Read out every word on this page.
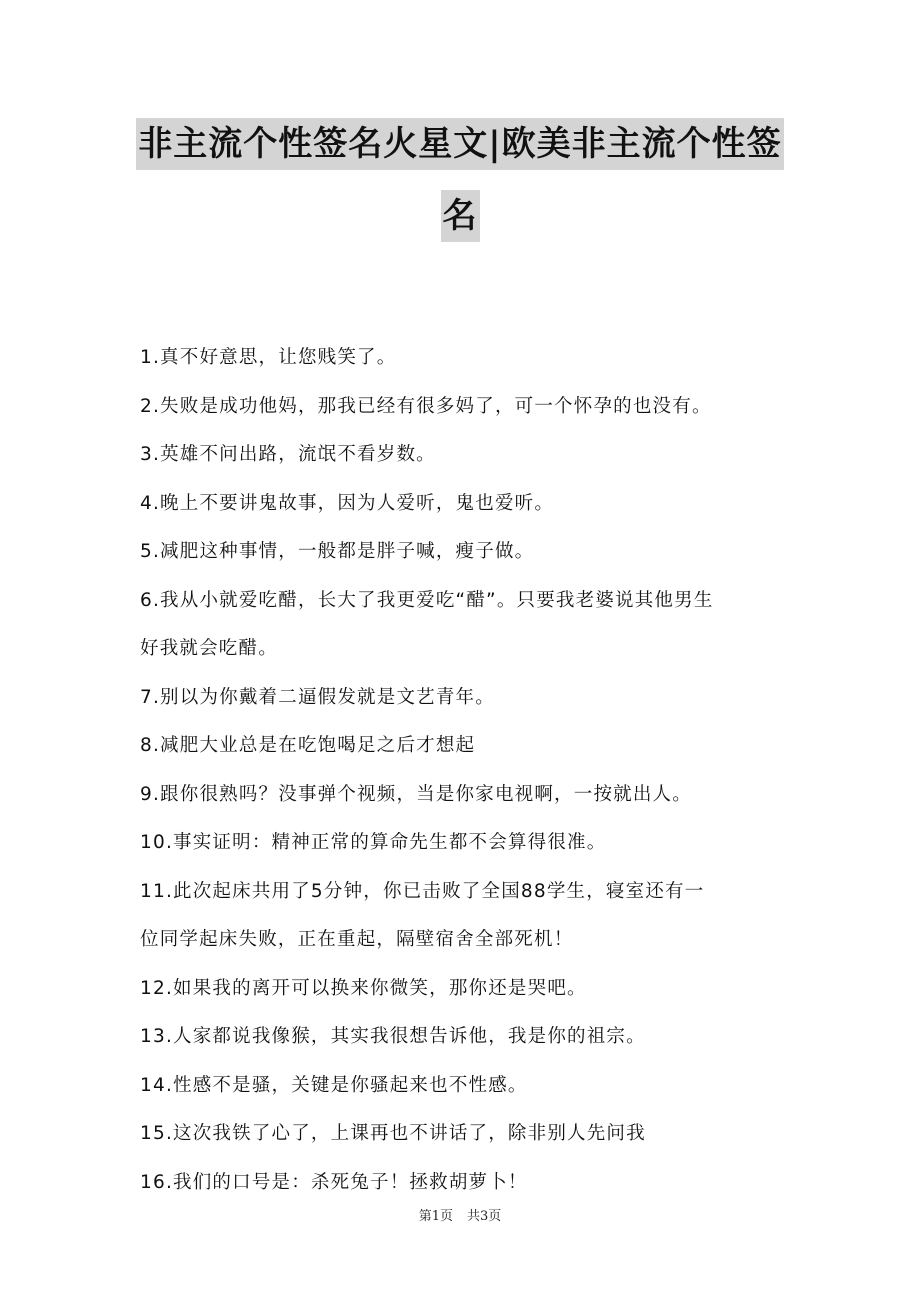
非主流个性签名火星文|欧美非主流个性签
名
1.真不好意思，让您贱笑了。
2.失败是成功他妈，那我已经有很多妈了，可一个怀孕的也没有。
3.英雄不问出路，流氓不看岁数。
4.晚上不要讲鬼故事，因为人爱听，鬼也爱听。
5.减肥这种事情，一般都是胖子喊，瘦子做。
6.我从小就爱吃醋，长大了我更爱吃“醋”。只要我老婆说其他男生
好我就会吃醋。
7.别以为你戴着二逼假发就是文艺青年。
8.减肥大业总是在吃饱喝足之后才想起
9.跟你很熟吗？没事弹个视频，当是你家电视啊，一按就出人。
10.事实证明：精神正常的算命先生都不会算得很准。
11.此次起床共用了5分钟，你已击败了全国88学生，寝室还有一
位同学起床失败，正在重起，隔壁宿舍全部死机！
12.如果我的离开可以换来你微笑，那你还是哭吧。
13.人家都说我像猴，其实我很想告诉他，我是你的祖宗。
14.性感不是骚，关键是你骚起来也不性感。
15.这次我铁了心了，上课再也不讲话了，除非别人先问我
16.我们的口号是：杀死兔子！拯救胡萝卜！
第1页 共3页
